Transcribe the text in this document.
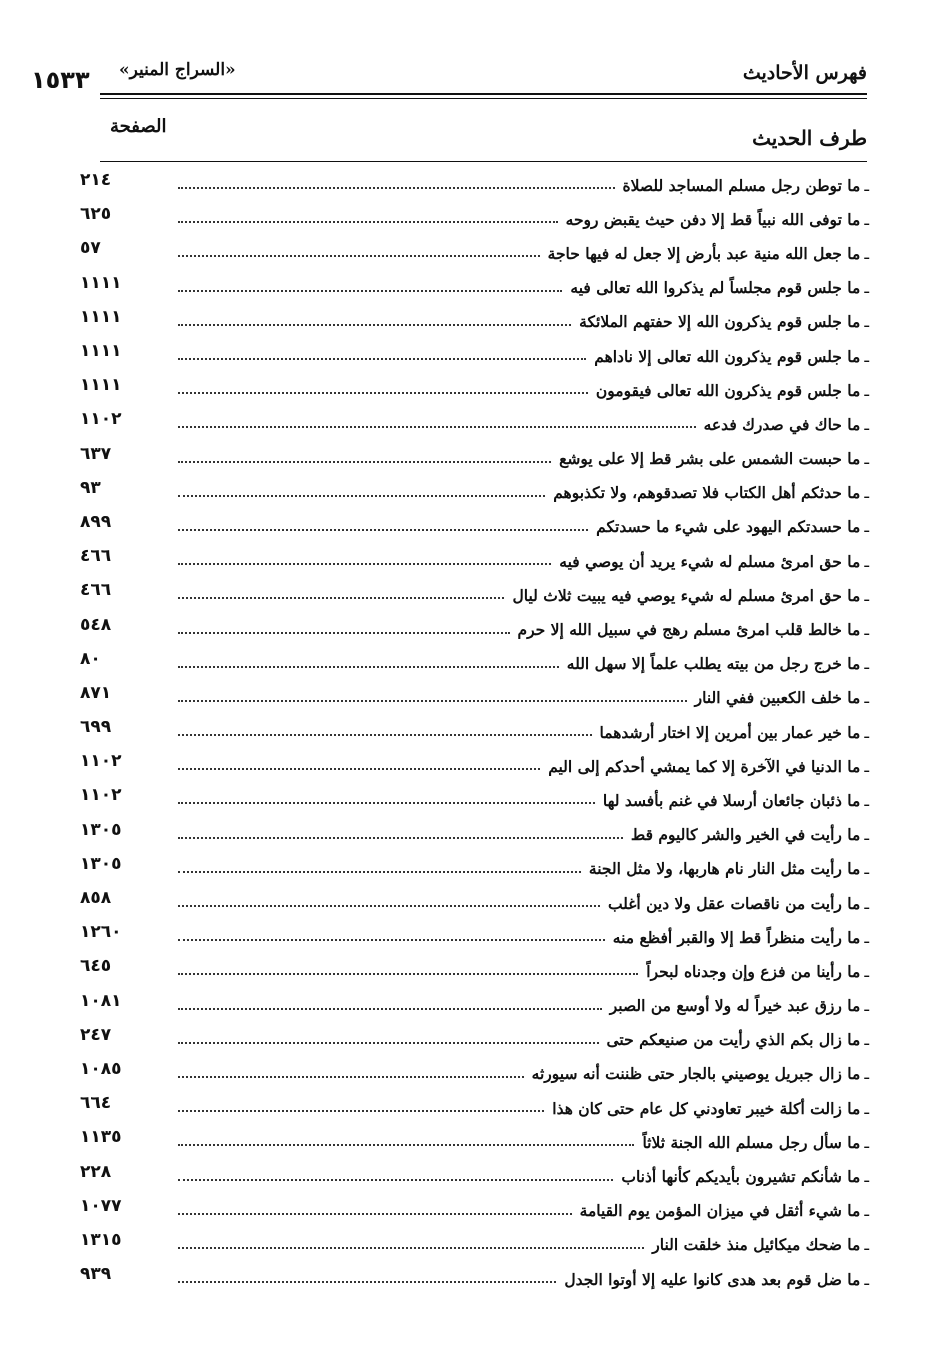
فهرس الأحاديث
«السراج المنير»
١٥٣٣
طرف الحديث
الصفحة
ـ
ما توطن رجل مسلم المساجد للصلاة
٢١٤
ـ
ما توفى الله نبياً قط إلا دفن حيث يقبض روحه
٦٢٥
ـ
ما جعل الله منية عبد بأرض إلا جعل له فيها حاجة
٥٧
ـ
ما جلس قوم مجلساً لم يذكروا الله تعالى فيه
١١١١
ـ
ما جلس قوم يذكرون الله إلا حفتهم الملائكة
١١١١
ـ
ما جلس قوم يذكرون الله تعالى إلا ناداهم
١١١١
ـ
ما جلس قوم يذكرون الله تعالى فيقومون
١١١١
ـ
ما حاك في صدرك فدعه
١١٠٢
ـ
ما حبست الشمس على بشر قط إلا على يوشع
٦٣٧
ـ
ما حدثكم أهل الكتاب فلا تصدقوهم، ولا تكذبوهم
٩٣
ـ
ما حسدتكم اليهود على شيء ما حسدتكم
٨٩٩
ـ
ما حق امرئ مسلم له شيء يريد أن يوصي فيه
٤٦٦
ـ
ما حق امرئ مسلم له شيء يوصي فيه يبيت ثلاث ليال
٤٦٦
ـ
ما خالط قلب امرئ مسلم رهج في سبيل الله إلا حرم
٥٤٨
ـ
ما خرج رجل من بيته يطلب علماً إلا سهل الله
٨٠
ـ
ما خلف الكعبين ففي النار
٨٧١
ـ
ما خير عمار بين أمرين إلا اختار أرشدهما
٦٩٩
ـ
ما الدنيا في الآخرة إلا كما يمشي أحدكم إلى اليم
١١٠٢
ـ
ما ذئبان جائعان أرسلا في غنم بأفسد لها
١١٠٢
ـ
ما رأيت في الخير والشر كاليوم قط
١٣٠٥
ـ
ما رأيت مثل النار نام هاربها، ولا مثل الجنة
١٣٠٥
ـ
ما رأيت من ناقصات عقل ولا دين أغلب
٨٥٨
ـ
ما رأيت منظراً قط إلا والقبر أفظع منه
١٢٦٠
ـ
ما رأينا من فزع وإن وجدناه لبحراً
٦٤٥
ـ
ما رزق عبد خيراً له ولا أوسع من الصبر
١٠٨١
ـ
ما زال بكم الذي رأيت من صنيعكم حتى
٢٤٧
ـ
ما زال جبريل يوصيني بالجار حتى ظننت أنه سيورثه
١٠٨٥
ـ
ما زالت أكلة خيبر تعاودني كل عام حتى كان هذا
٦٦٤
ـ
ما سأل رجل مسلم الله الجنة ثلاثاً
١١٣٥
ـ
ما شأنكم تشيرون بأيديكم كأنها أذناب
٢٢٨
ـ
ما شيء أثقل في ميزان المؤمن يوم القيامة
١٠٧٧
ـ
ما ضحك ميكائيل منذ خلقت النار
١٣١٥
ـ
ما ضل قوم بعد هدى كانوا عليه إلا أوتوا الجدل
٩٣٩
